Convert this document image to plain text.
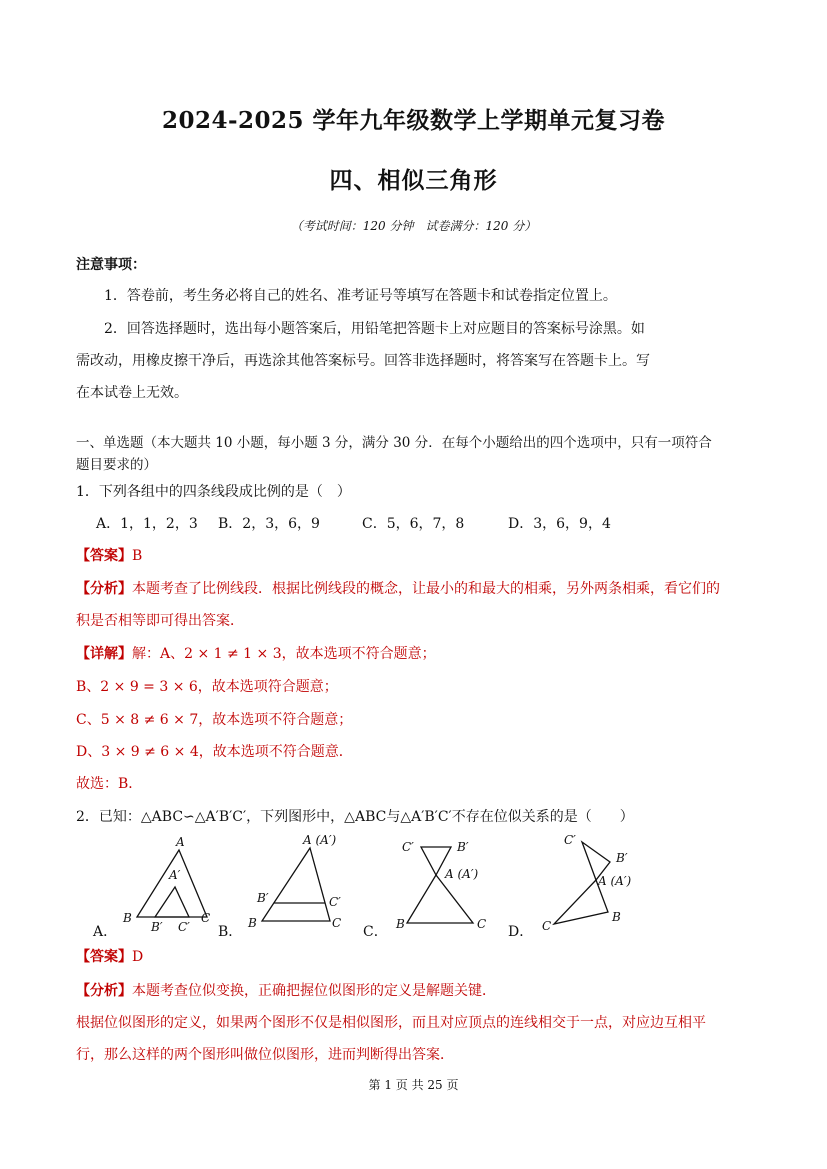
2024-2025 学年九年级数学上学期单元复习卷
四、相似三角形
（考试时间：120 分钟　试卷满分：120 分）
注意事项：
1．答卷前，考生务必将自己的姓名、准考证号等填写在答题卡和试卷指定位置上。
2．回答选择题时，选出每小题答案后，用铅笔把答题卡上对应题目的答案标号涂黑。如
需改动，用橡皮擦干净后，再选涂其他答案标号。回答非选择题时，将答案写在答题卡上。写
在本试卷上无效。
一、单选题（本大题共 10 小题，每小题 3 分，满分 30 分．在每个小题给出的四个选项中，只有一项符合
题目要求的）
1．下列各组中的四条线段成比例的是（　）
A．1，1，2，3 B．2，3，6，9	C．5，6，7，8	D．3，6，9，4
【答案】B
【分析】本题考查了比例线段．根据比例线段的概念，让最小的和最大的相乘，另外两条相乘，看它们的
积是否相等即可得出答案．
【详解】解：A、2 × 1 ≠ 1 × 3，故本选项不符合题意；
B、2 × 9 = 3 × 6，故本选项符合题意；
C、5 × 8 ≠ 6 × 7，故本选项不符合题意；
D、3 × 9 ≠ 6 × 4，故本选项不符合题意．
故选：B．
2．已知：△ABC∽△A′B′C′，下列图形中，△ABC与△A′B′C′不存在位似关系的是（　　）
A．
A
A′
B
B′ C′
C
B．
A (A′)
B′	C′
B	C
C．
C′	B′
A (A′)
B	C D．
C′
B′
A (A′)
C
B
【答案】D
【分析】本题考查位似变换，正确把握位似图形的定义是解题关键．
根据位似图形的定义，如果两个图形不仅是相似图形，而且对应顶点的连线相交于一点，对应边互相平
行，那么这样的两个图形叫做位似图形，进而判断得出答案．
第 1 页 共 25 页
